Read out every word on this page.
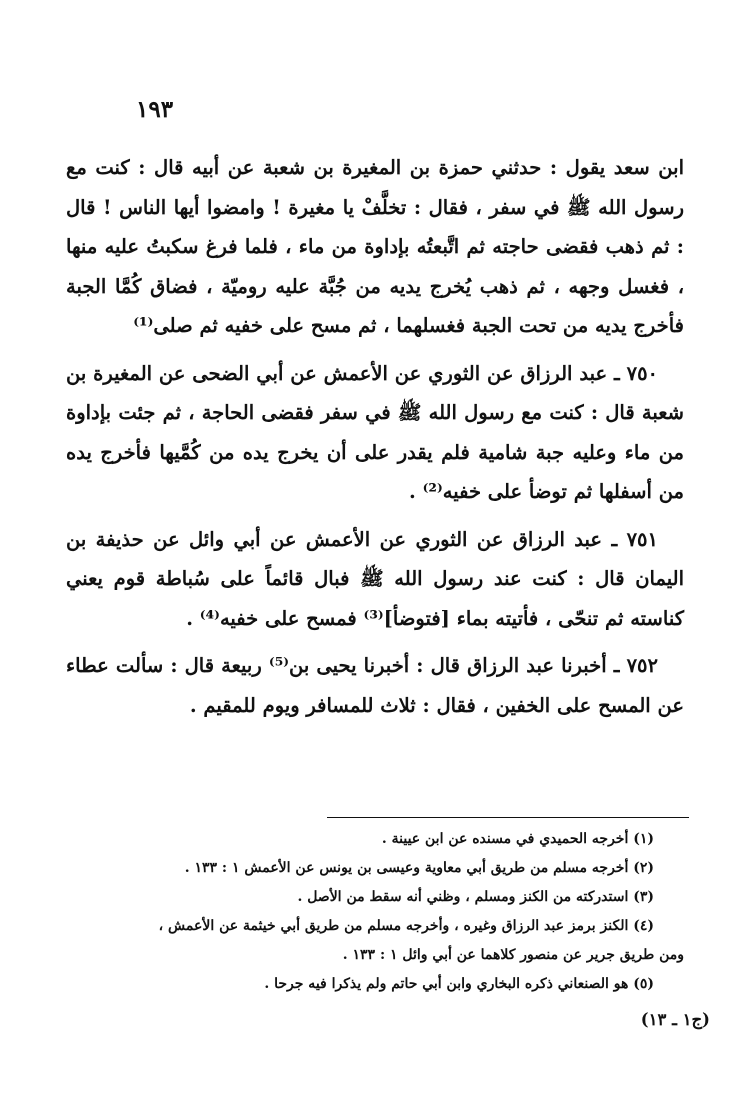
١٩٣

ابن سعد يقول : حدثني حمزة بن المغيرة بن شعبة عن أبيه قال : كنت مع رسول الله ﷺ في سفر ، فقال : تخلَّفْ يا مغيرة ! وامضوا أيها الناس ! قال : ثم ذهب فقضى حاجته ثم اتَّبعتُه بإداوة من ماء ، فلما فرغ سكبتُ عليه منها ، فغسل وجهه ، ثم ذهب يُخرج يديه من جُبَّة عليه روميّة ، فضاق كُمَّا الجبة فأخرج يديه من تحت الجبة فغسلهما ، ثم مسح على خفيه ثم صلى⁽¹⁾

٧٥٠ ـ عبد الرزاق عن الثوري عن الأعمش عن أبي الضحى عن المغيرة بن شعبة قال : كنت مع رسول الله ﷺ في سفر فقضى الحاجة ، ثم جئت بإداوة من ماء وعليه جبة شامية فلم يقدر على أن يخرج يده من كُمَّيها فأخرج يده من أسفلها ثم توضأ على خفيه⁽²⁾ .

٧٥١ ـ عبد الرزاق عن الثوري عن الأعمش عن أبي وائل عن حذيفة بن اليمان قال : كنت عند رسول الله ﷺ فبال قائماً على سُباطة قوم يعني كناسته ثم تنحّى ، فأتيته بماء [فتوضأ]⁽³⁾ فمسح على خفيه⁽⁴⁾ .

٧٥٢ ـ أخبرنا عبد الرزاق قال : أخبرنا يحيى بن⁽⁵⁾ ربيعة قال : سألت عطاء عن المسح على الخفين ، فقال : ثلاث للمسافر ويوم للمقيم .

(١) أخرجه الحميدي في مسنده عن ابن عيينة .

(٢) أخرجه مسلم من طريق أبي معاوية وعيسى بن يونس عن الأعمش ١ : ١٣٣ .

(٣) استدركته من الكنز ومسلم ، وظني أنه سقط من الأصل .

(٤) الكنز برمز عبد الرزاق وغيره ، وأخرجه مسلم من طريق أبي خيثمة عن الأعمش ،

ومن طريق جرير عن منصور كلاهما عن أبي وائل ١ : ١٣٣ .

(٥) هو الصنعاني ذكره البخاري وابن أبي حاتم ولم يذكرا فيه جرحا .

(ج١ ـ ١٣)
